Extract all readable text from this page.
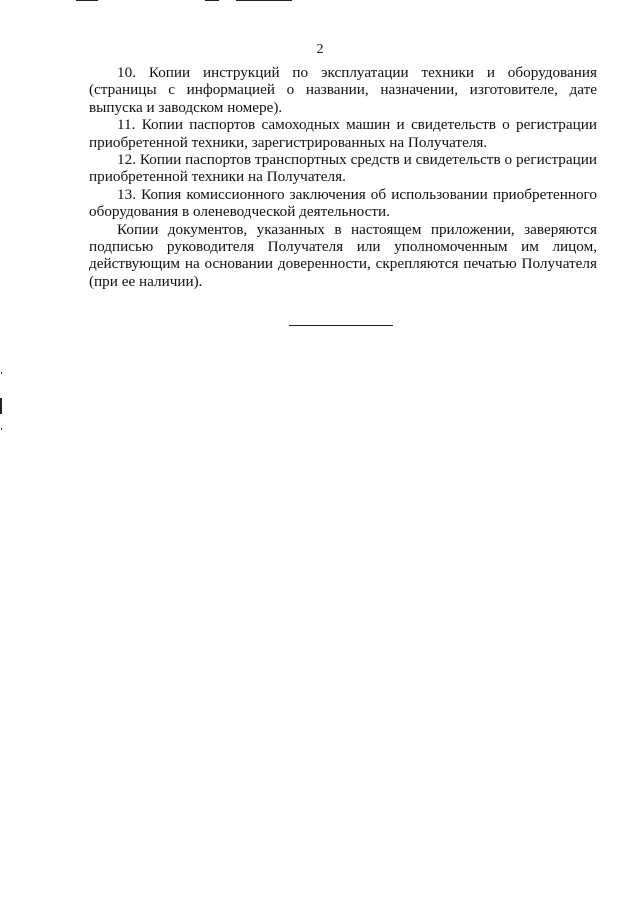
2

10. Копии инструкций по эксплуатации техники и оборудования (страницы с информацией о названии, назначении, изготовителе, дате выпуска и заводском номере).

11. Копии паспортов самоходных машин и свидетельств о регистрации приобретенной техники, зарегистрированных на Получателя.

12. Копии паспортов транспортных средств и свидетельств о регистрации приобретенной техники на Получателя.

13. Копия комиссионного заключения об использовании приобретенного оборудования в оленеводческой деятельности.

Копии документов, указанных в настоящем приложении, заверяются подписью руководителя Получателя или уполномоченным им лицом, действующим на основании доверенности, скрепляются печатью Получателя (при ее наличии).
